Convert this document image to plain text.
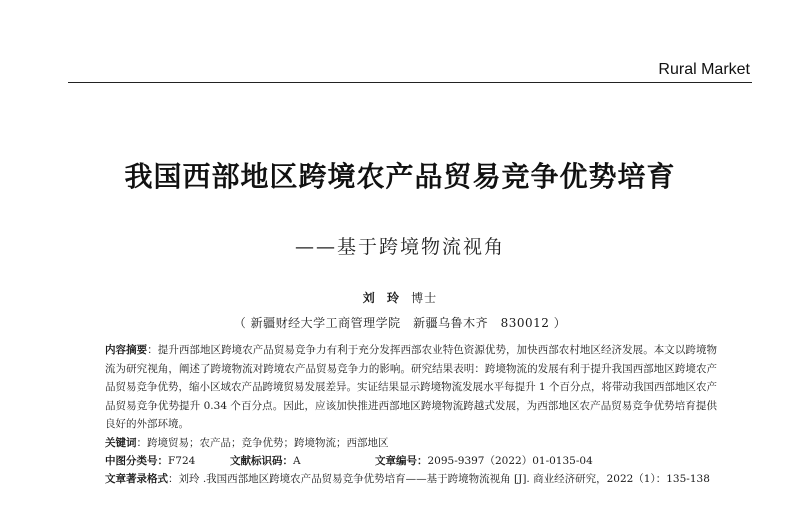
Rural Market
我国西部地区跨境农产品贸易竞争优势培育
——基于跨境物流视角
刘 玲 博士
（ 新疆财经大学工商管理学院　新疆乌鲁木齐　830012 ）
内容摘要：提升西部地区跨境农产品贸易竞争力有利于充分发挥西部农业特色资源优势，加快西部农村地区经济发展。本文以跨境物流为研究视角，阐述了跨境物流对跨境农产品贸易竞争力的影响。研究结果表明：跨境物流的发展有利于提升我国西部地区跨境农产品贸易竞争优势，缩小区域农产品跨境贸易发展差异。实证结果显示跨境物流发展水平每提升 1 个百分点，将带动我国西部地区农产品贸易竞争优势提升 0.34 个百分点。因此，应该加快推进西部地区跨境物流跨越式发展，为西部地区农产品贸易竞争优势培育提供良好的外部环境。
关键词：跨境贸易；农产品；竞争优势；跨境物流；西部地区
中图分类号：F724	文献标识码：A	文章编号：2095-9397（2022）01-0135-04
文章著录格式：刘玲 .我国西部地区跨境农产品贸易竞争优势培育——基于跨境物流视角 [J]. 商业经济研究，2022（1）：135-138
